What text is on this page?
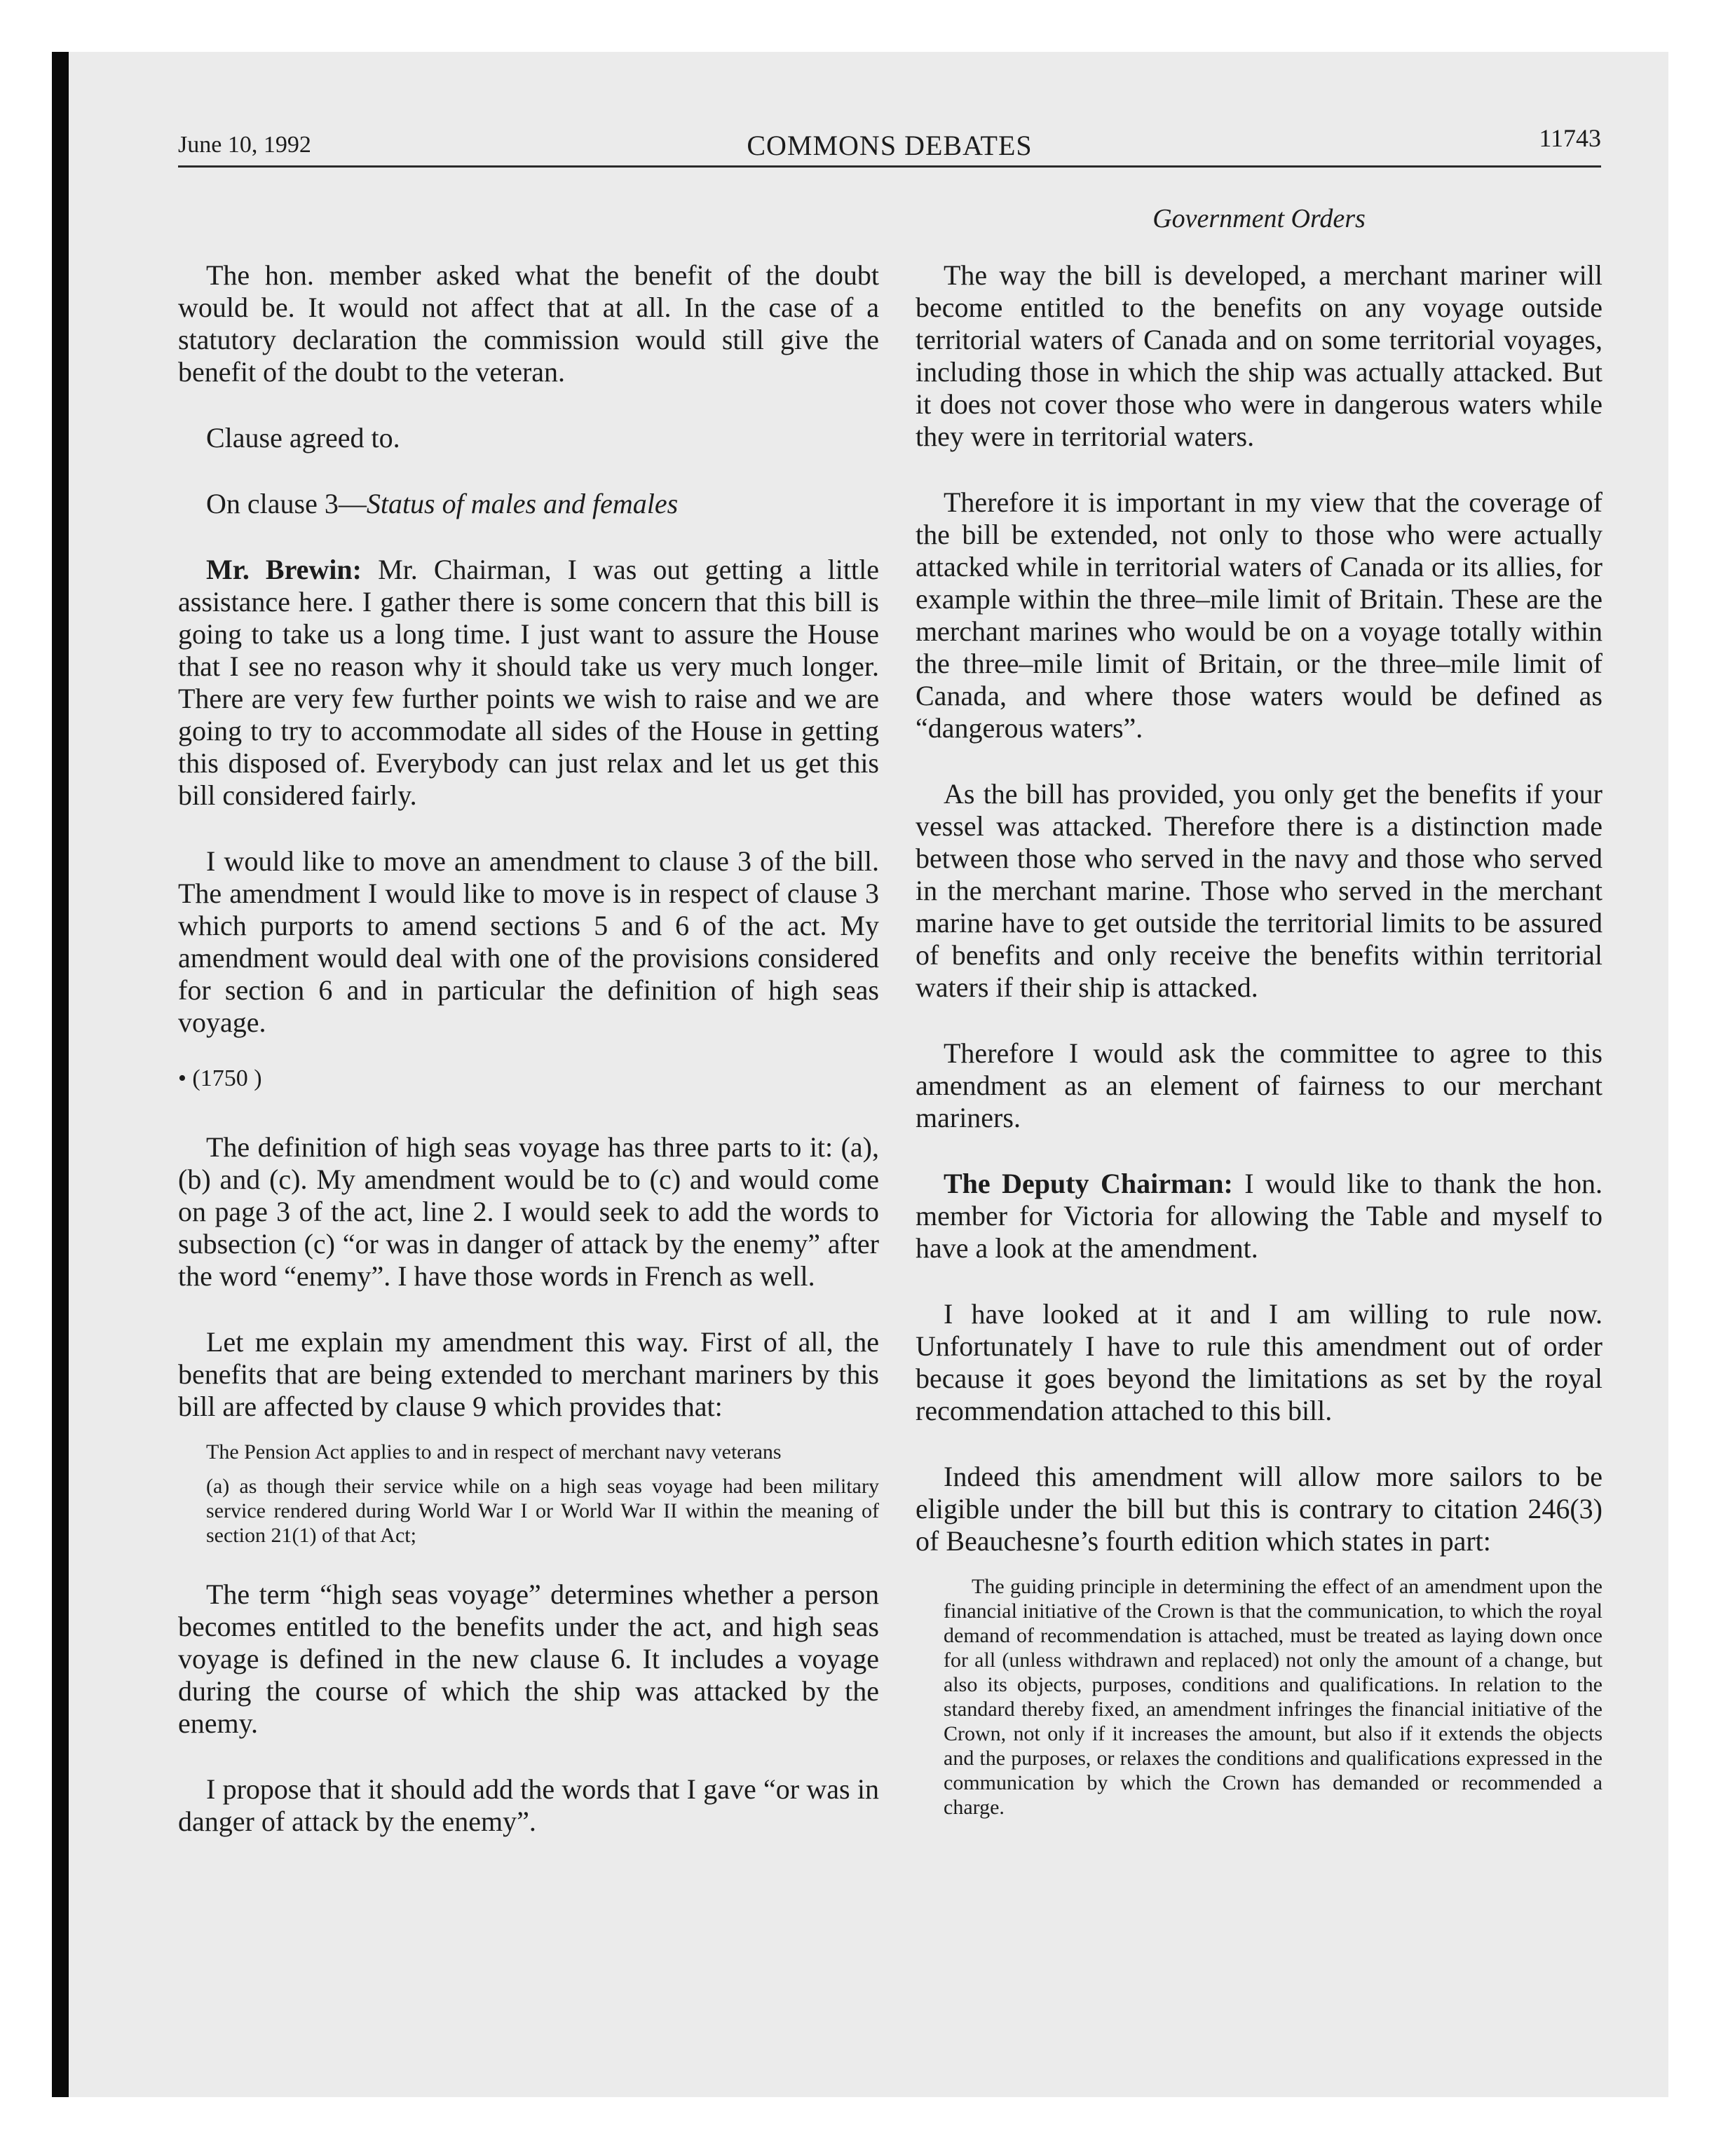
June 10, 1992	COMMONS DEBATES	11743
Government Orders

The hon. member asked what the benefit of the doubt would be. It would not affect that at all. In the case of a statutory declaration the commission would still give the benefit of the doubt to the veteran.

Clause agreed to.

On clause 3—Status of males and females

Mr. Brewin: Mr. Chairman, I was out getting a little assistance here. I gather there is some concern that this bill is going to take us a long time. I just want to assure the House that I see no reason why it should take us very much longer. There are very few further points we wish to raise and we are going to try to accommodate all sides of the House in getting this disposed of. Everybody can just relax and let us get this bill considered fairly.

I would like to move an amendment to clause 3 of the bill. The amendment I would like to move is in respect of clause 3 which purports to amend sections 5 and 6 of the act. My amendment would deal with one of the provisions considered for section 6 and in particular the definition of high seas voyage.

• (1750 )

The definition of high seas voyage has three parts to it: (a), (b) and (c). My amendment would be to (c) and would come on page 3 of the act, line 2. I would seek to add the words to subsection (c) “or was in danger of attack by the enemy” after the word “enemy”. I have those words in French as well.

Let me explain my amendment this way. First of all, the benefits that are being extended to merchant mariners by this bill are affected by clause 9 which provides that:

The Pension Act applies to and in respect of merchant navy veterans

(a) as though their service while on a high seas voyage had been military service rendered during World War I or World War II within the meaning of section 21(1) of that Act;

The term “high seas voyage” determines whether a person becomes entitled to the benefits under the act, and high seas voyage is defined in the new clause 6. It includes a voyage during the course of which the ship was attacked by the enemy.

I propose that it should add the words that I gave “or was in danger of attack by the enemy”.

The way the bill is developed, a merchant mariner will become entitled to the benefits on any voyage outside territorial waters of Canada and on some territorial voyages, including those in which the ship was actually attacked. But it does not cover those who were in dangerous waters while they were in territorial waters.

Therefore it is important in my view that the coverage of the bill be extended, not only to those who were actually attacked while in territorial waters of Canada or its allies, for example within the three–mile limit of Britain. These are the merchant marines who would be on a voyage totally within the three–mile limit of Britain, or the three–mile limit of Canada, and where those waters would be defined as “dangerous waters”.

As the bill has provided, you only get the benefits if your vessel was attacked. Therefore there is a distinction made between those who served in the navy and those who served in the merchant marine. Those who served in the merchant marine have to get outside the territorial limits to be assured of benefits and only receive the benefits within territorial waters if their ship is attacked.

Therefore I would ask the committee to agree to this amendment as an element of fairness to our merchant mariners.

The Deputy Chairman: I would like to thank the hon. member for Victoria for allowing the Table and myself to have a look at the amendment.

I have looked at it and I am willing to rule now. Unfortunately I have to rule this amendment out of order because it goes beyond the limitations as set by the royal recommendation attached to this bill.

Indeed this amendment will allow more sailors to be eligible under the bill but this is contrary to citation 246(3) of Beauchesne’s fourth edition which states in part:

The guiding principle in determining the effect of an amendment upon the financial initiative of the Crown is that the communication, to which the royal demand of recommendation is attached, must be treated as laying down once for all (unless withdrawn and replaced) not only the amount of a change, but also its objects, purposes, conditions and qualifications. In relation to the standard thereby fixed, an amendment infringes the financial initiative of the Crown, not only if it increases the amount, but also if it extends the objects and the purposes, or relaxes the conditions and qualifications expressed in the communication by which the Crown has demanded or recommended a charge.
